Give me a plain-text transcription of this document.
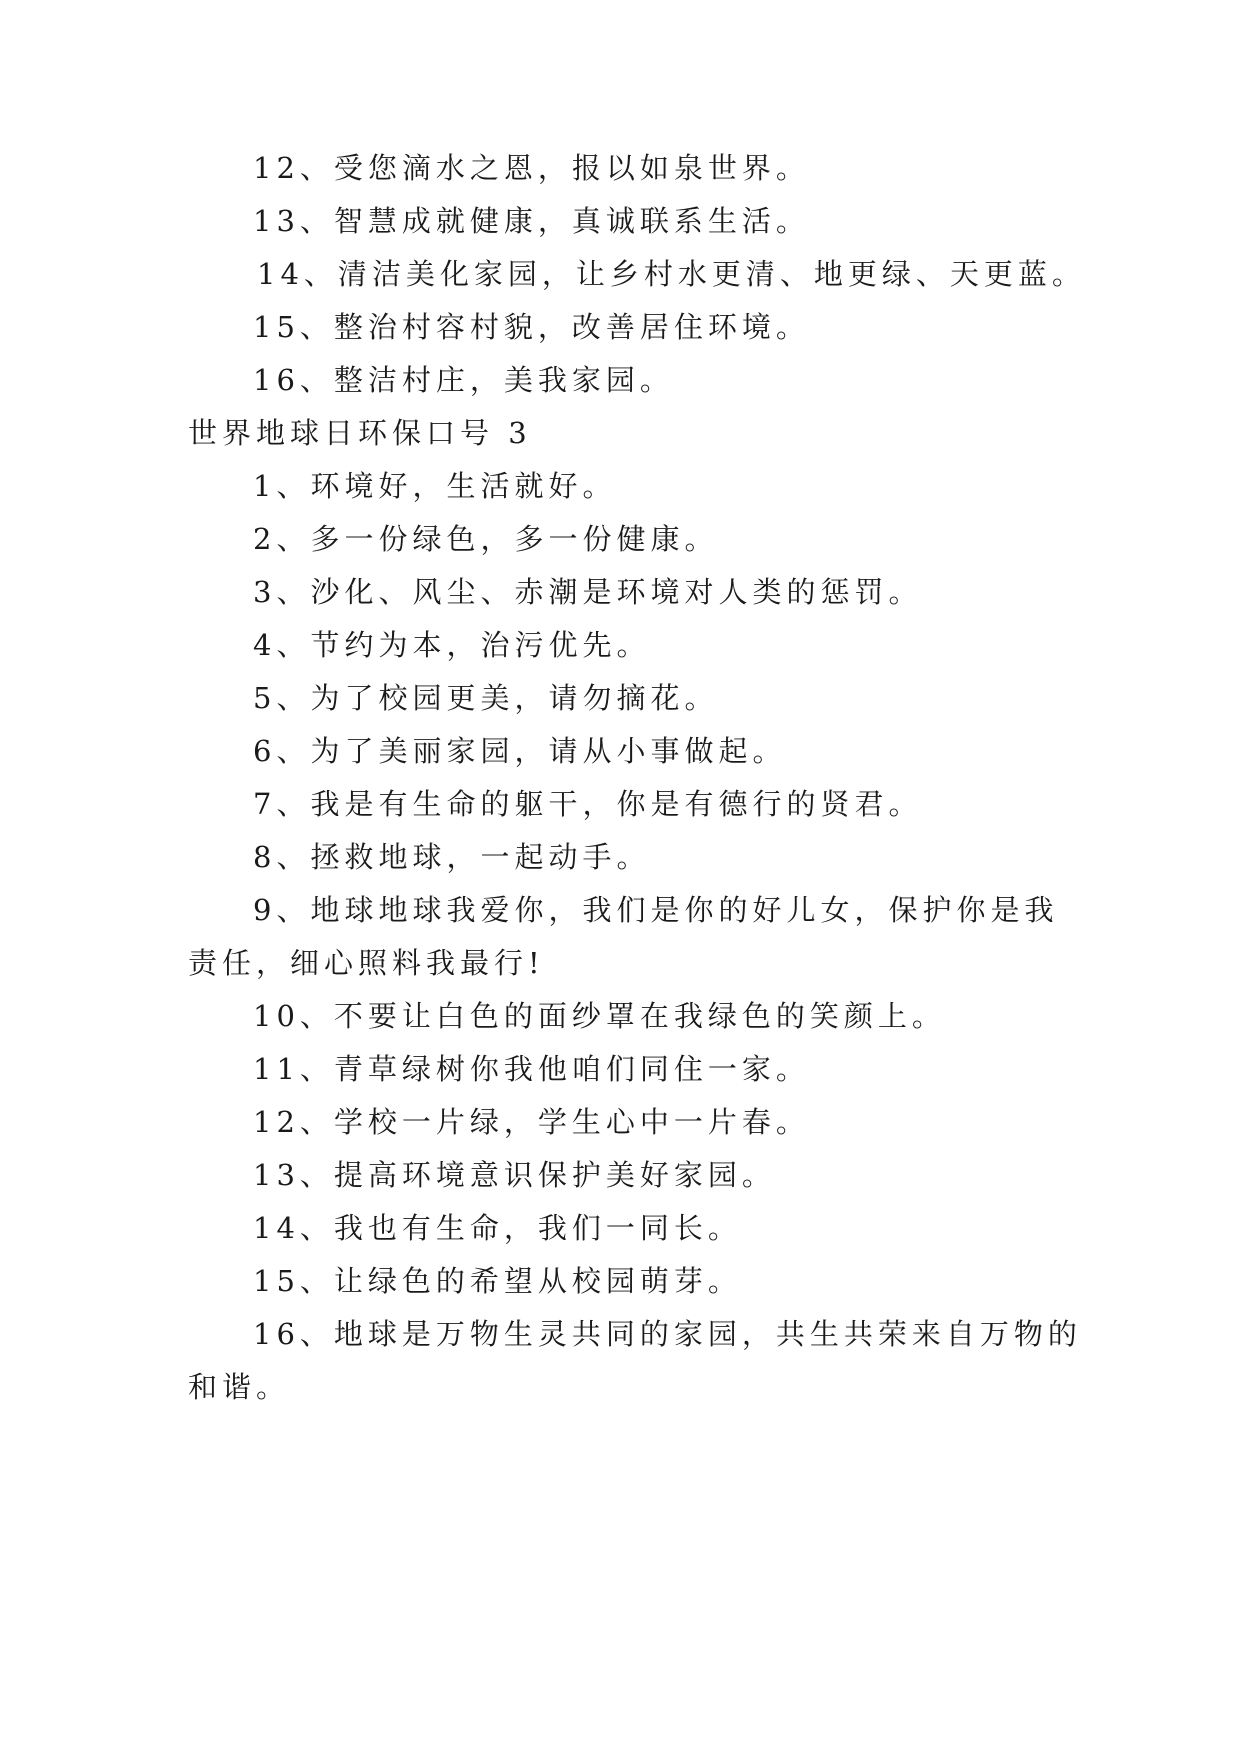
12、受您滴水之恩，报以如泉世界。
13、智慧成就健康，真诚联系生活。
14、清洁美化家园，让乡村水更清、地更绿、天更蓝。
15、整治村容村貌，改善居住环境。
16、整洁村庄，美我家园。
世界地球日环保口号 3
1、环境好，生活就好。
2、多一份绿色，多一份健康。
3、沙化、风尘、赤潮是环境对人类的惩罚。
4、节约为本，治污优先。
5、为了校园更美，请勿摘花。
6、为了美丽家园，请从小事做起。
7、我是有生命的躯干，你是有德行的贤君。
8、拯救地球，一起动手。
9、地球地球我爱你，我们是你的好儿女，保护你是我
责任，细心照料我最行!
10、不要让白色的面纱罩在我绿色的笑颜上。
11、青草绿树你我他咱们同住一家。
12、学校一片绿，学生心中一片春。
13、提高环境意识保护美好家园。
14、我也有生命，我们一同长。
15、让绿色的希望从校园萌芽。
16、地球是万物生灵共同的家园，共生共荣来自万物的
和谐。
